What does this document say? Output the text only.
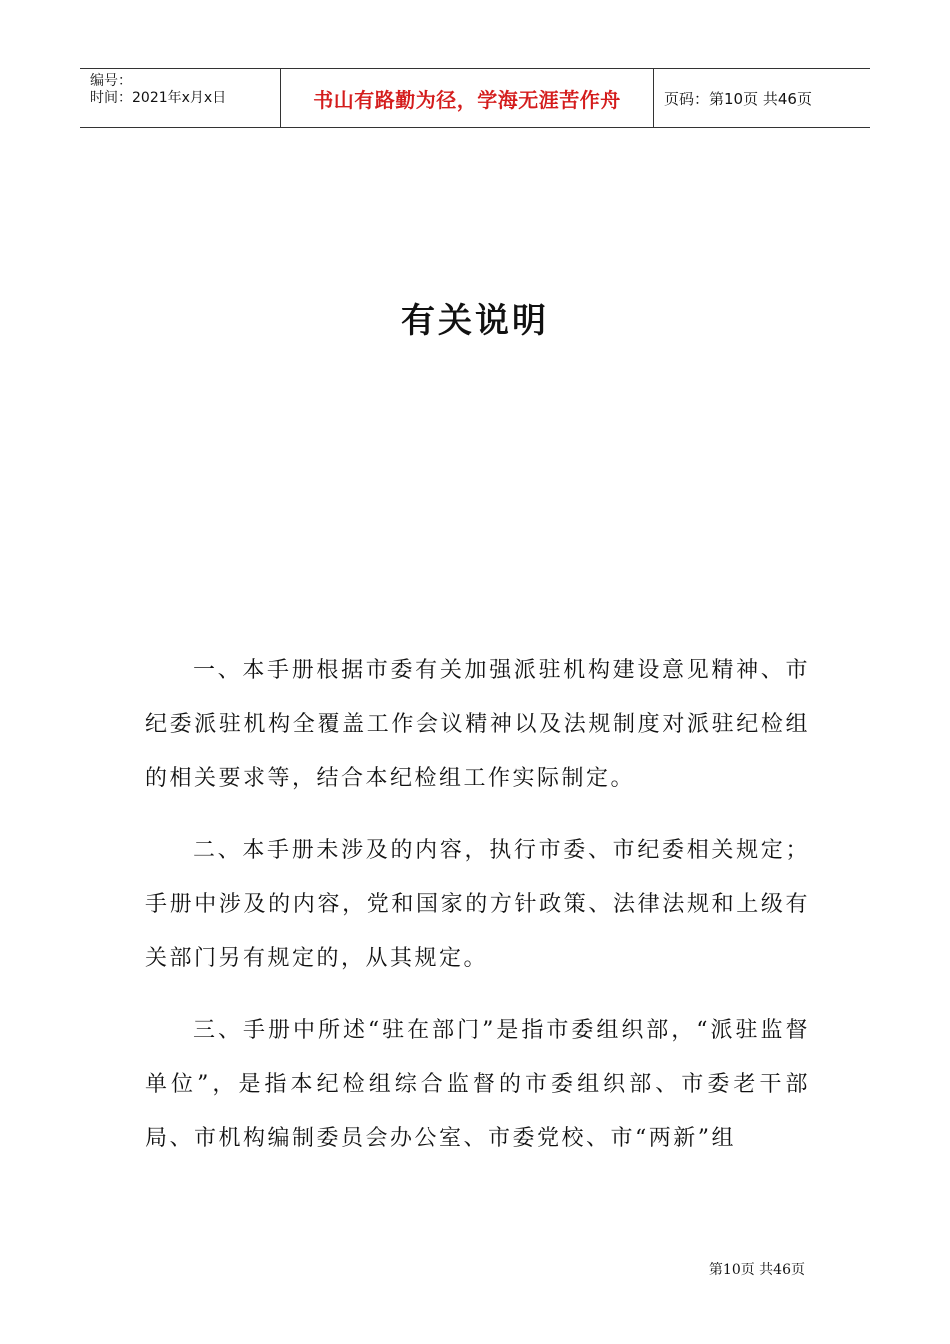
编号：
时间：2021年x月x日	书山有路勤为径，学海无涯苦作舟	页码：第10页 共46页
有关说明

一、本手册根据市委有关加强派驻机构建设意见精神、市纪委派驻机构全覆盖工作会议精神以及法规制度对派驻纪检组的相关要求等，结合本纪检组工作实际制定。

二、本手册未涉及的内容，执行市委、市纪委相关规定；手册中涉及的内容，党和国家的方针政策、法律法规和上级有关部门另有规定的，从其规定。

三、手册中所述“驻在部门”是指市委组织部，“派驻监督单位”，是指本纪检组综合监督的市委组织部、市委老干部局、市机构编制委员会办公室、市委党校、市“两新”组

第10页 共46页
